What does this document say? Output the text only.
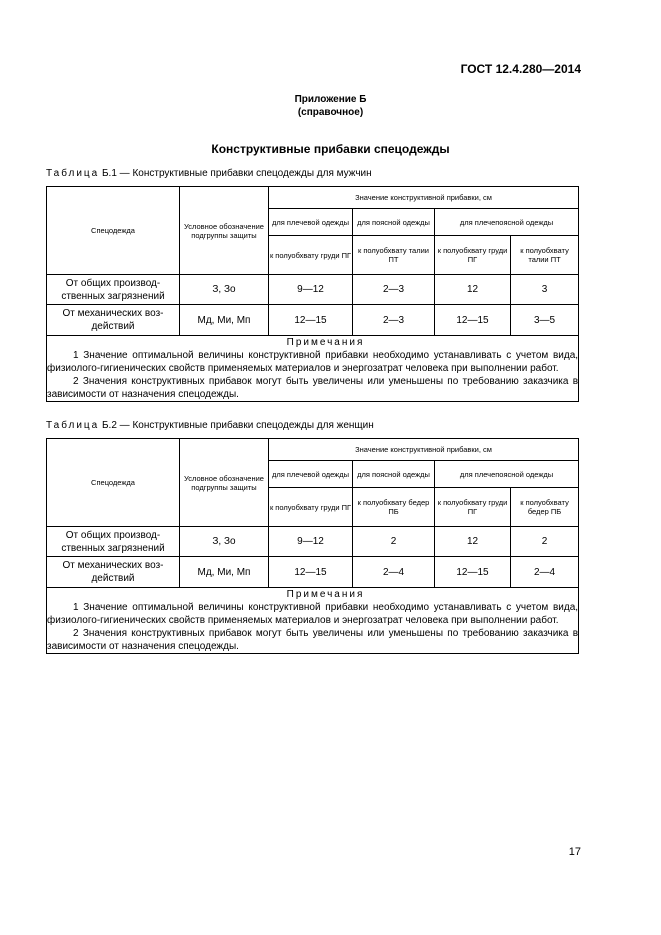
ГОСТ 12.4.280—2014
Приложение Б
(справочное)
Конструктивные прибавки спецодежды
Таблица Б.1 — Конструктивные прибавки спецодежды для мужчин
Спецодежда	Условное обозначение подгруппы защиты	Значение конструктивной прибавки, см			
		для плечевой одежды	для поясной одежды	для плечепоясной одежды	
		к полуобхвату груди ПГ	к полуобхвату талии ПТ	к полуобхвату груди ПГ	к полуобхвату талии ПТ
От общих производ-ственных загрязнений	З, Зо	9—12	2—3	12	3
От механических воз-действий	Мд, Ми, Мп	12—15	2—3	12—15	3—5

Примечания
1 Значение оптимальной величины конструктивной прибавки необходимо устанавливать с учетом вида, физиолого-гигиенических свойств применяемых материалов и энергозатрат человека при выполнении работ.
2 Значения конструктивных прибавок могут быть увеличены или уменьшены по требованию заказчика в зависимости от назначения спецодежды.					
Таблица Б.2 — Конструктивные прибавки спецодежды для женщин
Спецодежда	Условное обозначение подгруппы защиты	Значение конструктивной прибавки, см			
		для плечевой одежды	для поясной одежды	для плечепоясной одежды	
		к полуобхвату груди ПГ	к полуобхвату бедер ПБ	к полуобхвату груди ПГ	к полуобхвату бедер ПБ
От общих производ-ственных загрязнений	З, Зо	9—12	2	12	2
От механических воз-действий	Мд, Ми, Мп	12—15	2—4	12—15	2—4

Примечания
1 Значение оптимальной величины конструктивной прибавки необходимо устанавливать с учетом вида, физиолого-гигиенических свойств применяемых материалов и энергозатрат человека при выполнении работ.
2 Значения конструктивных прибавок могут быть увеличены или уменьшены по требованию заказчика в зависимости от назначения спецодежды.					
17
